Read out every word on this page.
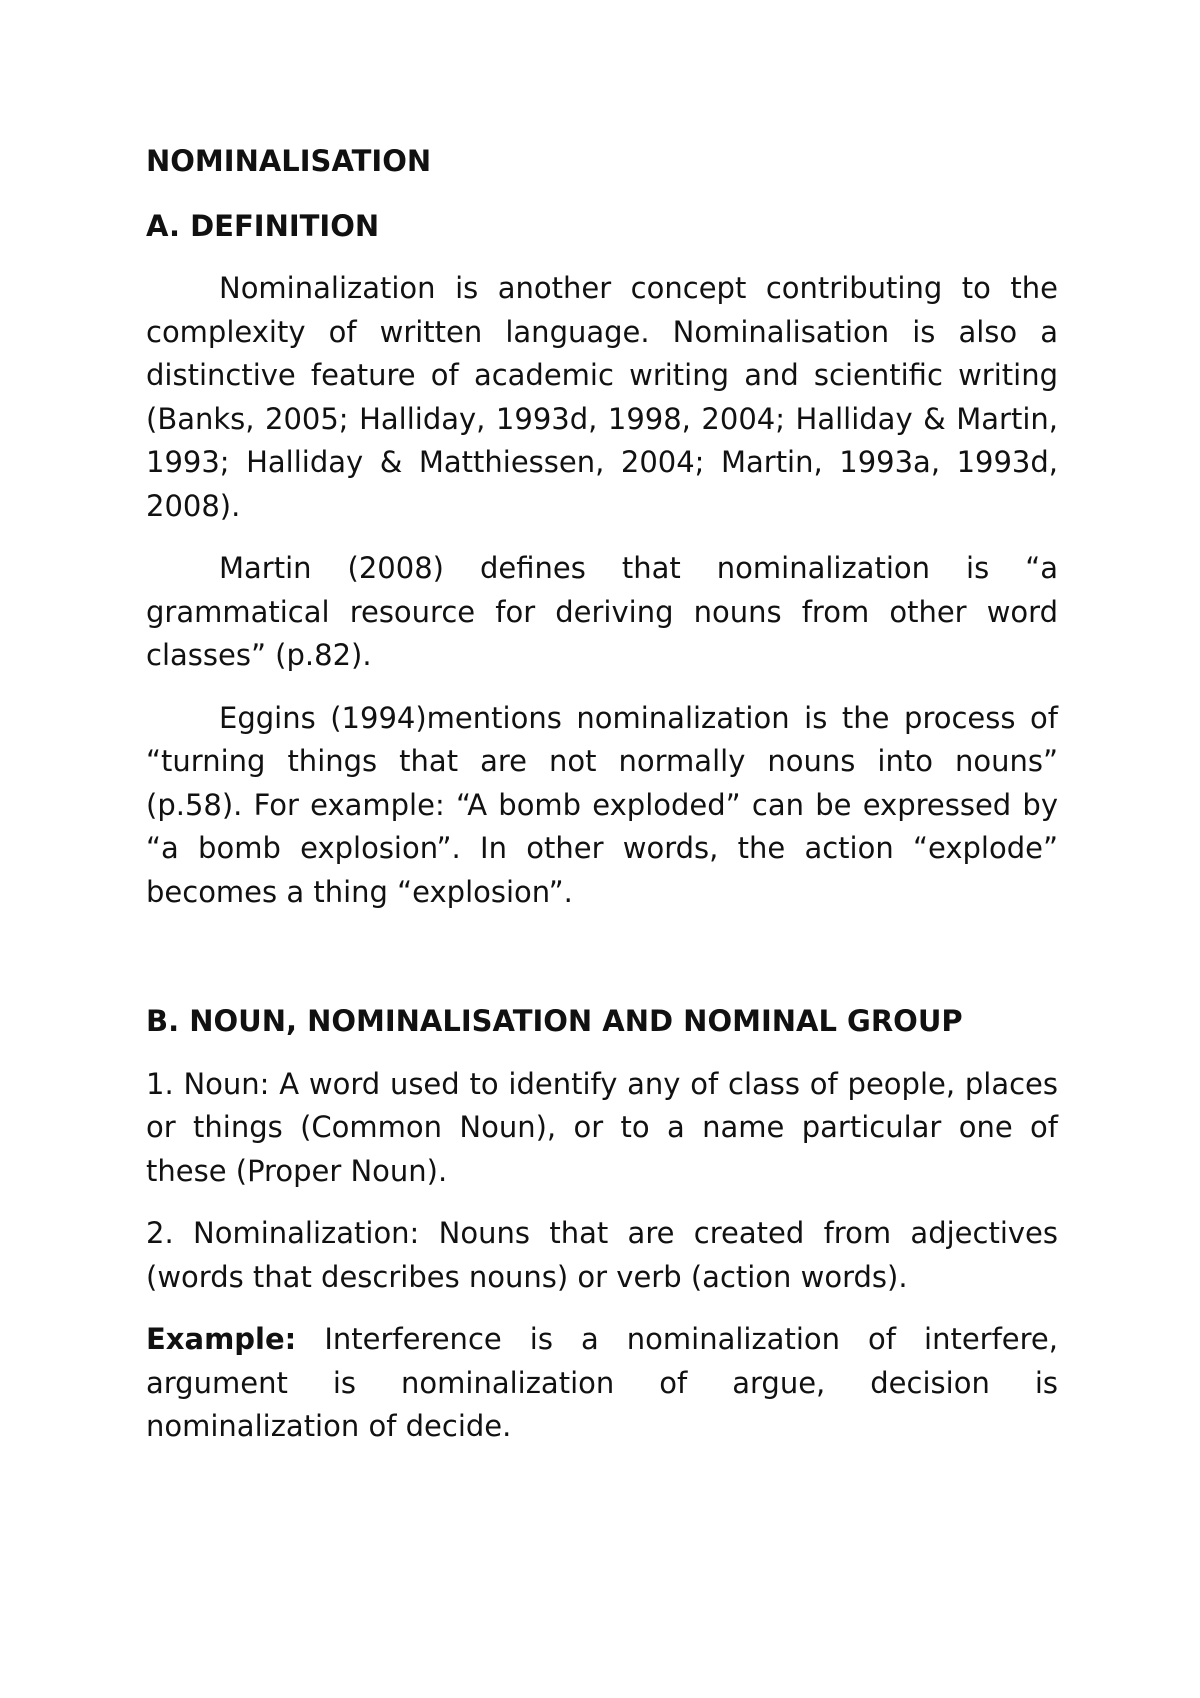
NOMINALISATION
A. DEFINITION

Nominalization is another concept contributing to the complexity of written language. Nominalisation is also a distinctive feature of academic writing and scientific writing (Banks, 2005; Halliday, 1993d, 1998, 2004; Halliday & Martin, 1993; Halliday & Matthiessen, 2004; Martin, 1993a, 1993d, 2008).

Martin (2008) defines that nominalization is “a grammatical resource for deriving nouns from other word classes” (p.82).

Eggins (1994)mentions nominalization is the process of “turning things that are not normally nouns into nouns” (p.58). For example: “A bomb exploded” can be expressed by “a bomb explosion”. In other words, the action “explode” becomes a thing “explosion”.

B. NOUN, NOMINALISATION AND NOMINAL GROUP

1. Noun: A word used to identify any of class of people, places or things (Common Noun), or to a name particular one of these (Proper Noun).

2. Nominalization: Nouns that are created from adjectives (words that describes nouns) or verb (action words).

Example: Interference is a nominalization of interfere, argument is nominalization of argue, decision is nominalization of decide.
